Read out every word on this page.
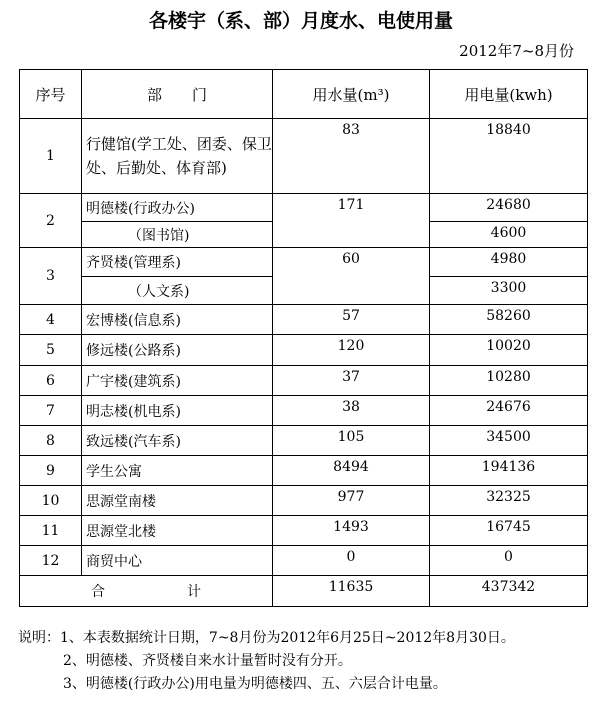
各楼宇（系、部）月度水、电使用量
2012年7~8月份
序号	部　　门	用水量(m³)	用电量(kwh)
1	行健馆(学工处、团委、保卫处、后勤处、体育部)	83	18840
2	明德楼(行政办公)	171	24680
	（图书馆)		4600
3	齐贤楼(管理系)	60	4980
	（人文系)		3300
4	宏博楼(信息系)	57	58260
5	修远楼(公路系)	120	10020
6	广宇楼(建筑系)	37	10280
7	明志楼(机电系)	38	24676
8	致远楼(汽车系)	105	34500
9	学生公寓	8494	194136
10	思源堂南楼	977	32325
11	思源堂北楼	1493	16745
12	商贸中心	0	0

合 计		11635	437342
说明：1、本表数据统计日期，7~8月份为2012年6月25日~2012年8月30日。
2、明德楼、齐贤楼自来水计量暂时没有分开。
3、明德楼(行政办公)用电量为明德楼四、五、六层合计电量。
